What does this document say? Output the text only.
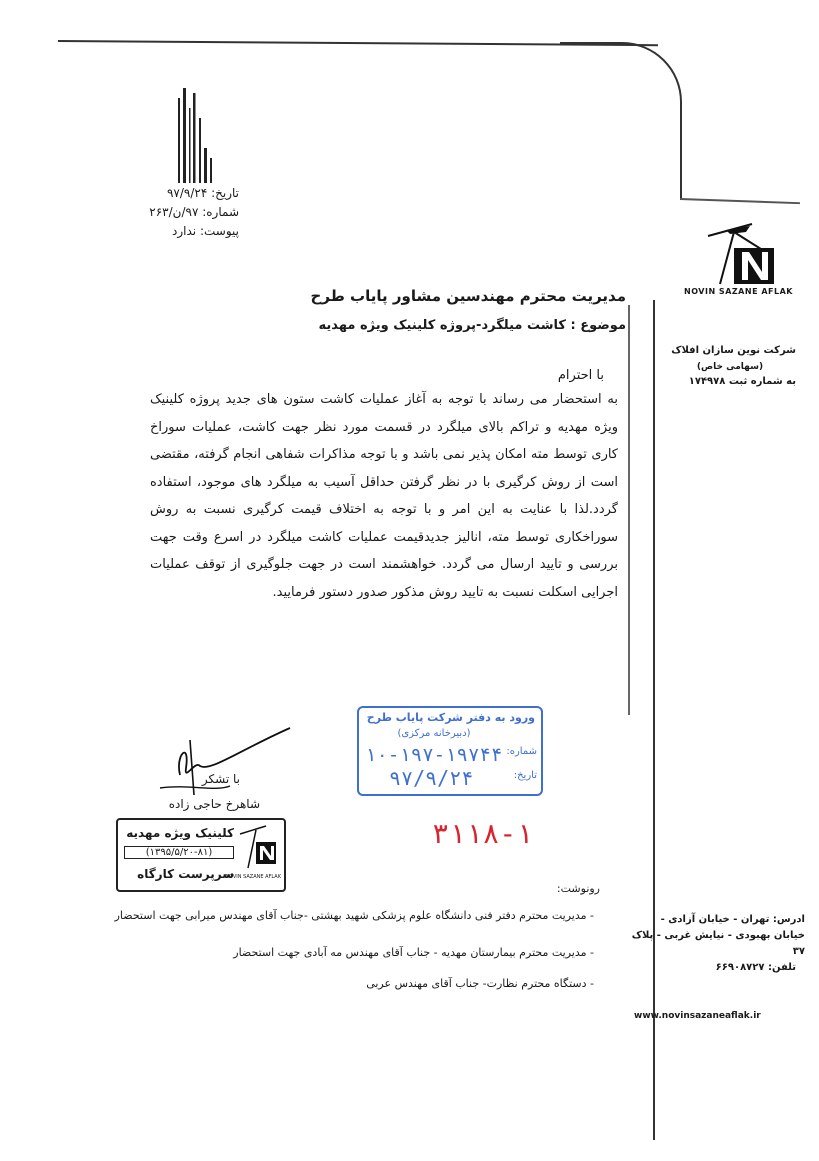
تاریخ: ۹۷/۹/۲۴
شماره: ۹۷/ن/۲۶۳
پیوست: ندارد
NOVIN SAZANE AFLAK
شرکت نوین سازان افلاک
(سهامی خاص)
به شماره ثبت ۱۷۴۹۷۸
مدیریت محترم مهندسین مشاور پایاب طرح
موضوع : کاشت میلگرد-پروژه کلینیک ویژه مهدیه
با احترام
به استحضار می رساند با توجه به آغاز عملیات کاشت ستون های جدید پروژه کلینیک ویژه مهدیه و تراکم بالای میلگرد در قسمت مورد نظر جهت کاشت، عملیات سوراخ کاری توسط مته امکان پذیر نمی باشد و با توجه مذاکرات شفاهی انجام گرفته، مقتضی است از روش کرگیری با در نظر گرفتن حداقل آسیب به میلگرد های موجود، استفاده گردد.لذا با عنایت به این امر و با توجه به اختلاف قیمت کرگیری نسبت به روش سوراخکاری توسط مته، انالیز جدیدقیمت عملیات کاشت میلگرد در اسرع وقت جهت بررسی و تایید ارسال می گردد. خواهشمند است در جهت جلوگیری از توقف عملیات اجرایی اسکلت نسبت به تایید روش مذکور صدور دستور فرمایید.
ورود به دفتر شرکت پایاب طرح
(دبیرخانه مرکزی)
شماره:
۱۰-۱۹۷-۱۹۷۴۴
تاریخ:
۹۷/۹/۲۴
۳۱۱۸-۱
با تشکر
شاهرخ حاجی زاده
NOVIN SAZANE AFLAK
کلینیک ویژه مهدیه
(۱۳۹۵/۵/۲۰-۸۱)
سرپرست کارگاه
رونوشت:
- مدیریت محترم دفتر فنی دانشگاه علوم پزشکی شهید بهشتی -جناب آقای مهندس میرابی جهت استحضار
- مدیریت محترم بیمارستان مهدیه - جناب آقای مهندس مه آبادی جهت استحضار
- دستگاه محترم نظارت- جناب آقای مهندس عربی
ادرس: تهران - خیابان آزادی - خیابان بهبودی - نیایش غربی - پلاک ۳۷
تلفن: ۶۶۹۰۸۷۲۷
www.novinsazaneaflak.ir
